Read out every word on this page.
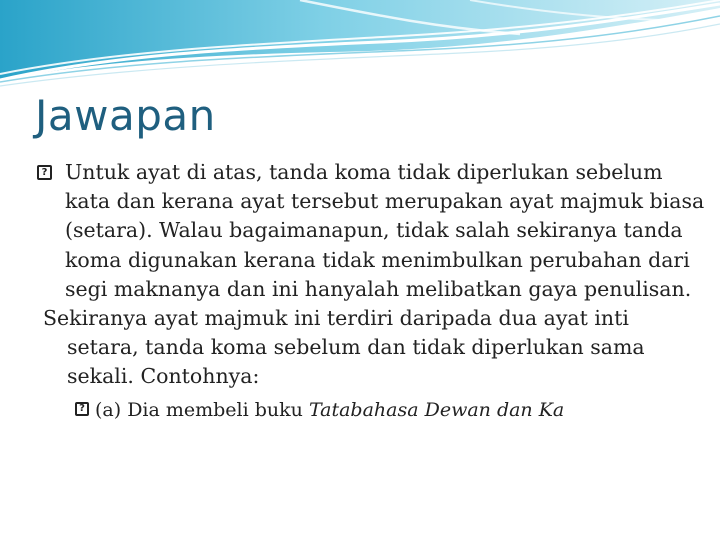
Jawapan
? Untuk ayat di atas, tanda koma tidak diperlukan sebelum kata dan kerana ayat tersebut merupakan ayat majmuk biasa (setara). Walau bagaimanapun, tidak salah sekiranya tanda koma digunakan kerana tidak menimbulkan perubahan dari segi maknanya dan ini hanyalah melibatkan gaya penulisan.
Sekiranya ayat majmuk ini terdiri daripada dua ayat inti setara, tanda koma sebelum dan tidak diperlukan sama sekali. Contohnya:
? (a) Dia membeli buku Tatabahasa Dewan dan Ka
